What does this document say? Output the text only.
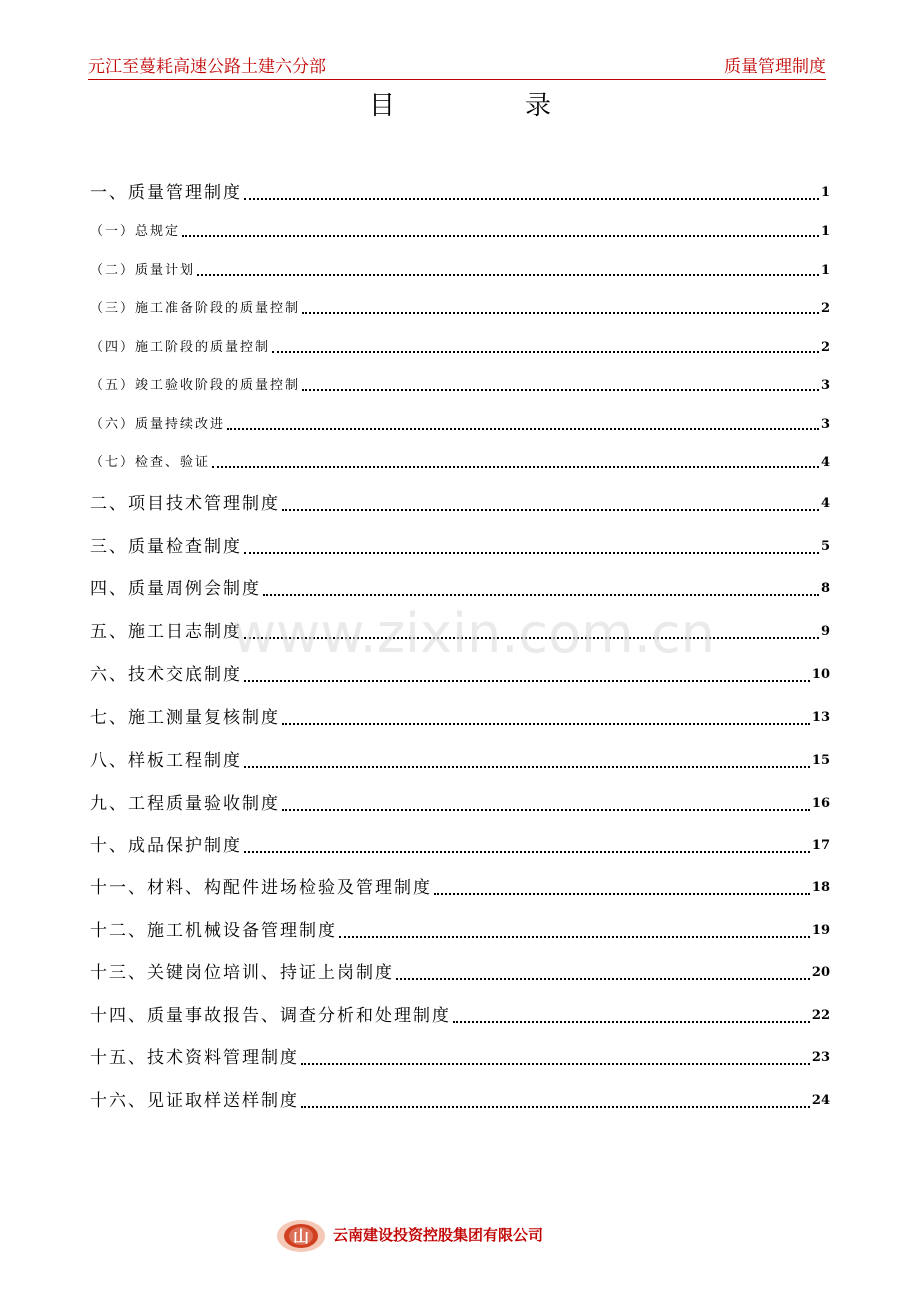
元江至蔓耗高速公路土建六分部	质量管理制度
目录
一、质量管理制度	1
（一）总规定	1
（二）质量计划	1
（三）施工准备阶段的质量控制	2
（四）施工阶段的质量控制	2
（五）竣工验收阶段的质量控制	3
（六）质量持续改进	3
（七）检查、验证	4
二、项目技术管理制度	4
三、质量检查制度	5
四、质量周例会制度	8
五、施工日志制度	9
六、技术交底制度	10
七、施工测量复核制度	13
八、样板工程制度	15
九、工程质量验收制度	16
十、成品保护制度	17
十一、材料、构配件进场检验及管理制度	18
十二、施工机械设备管理制度	19
十三、关键岗位培训、持证上岗制度	20
十四、质量事故报告、调查分析和处理制度	22
十五、技术资料管理制度	23
十六、见证取样送样制度	24
www.zixin.com.cn
山 云南建设投资控股集团有限公司
